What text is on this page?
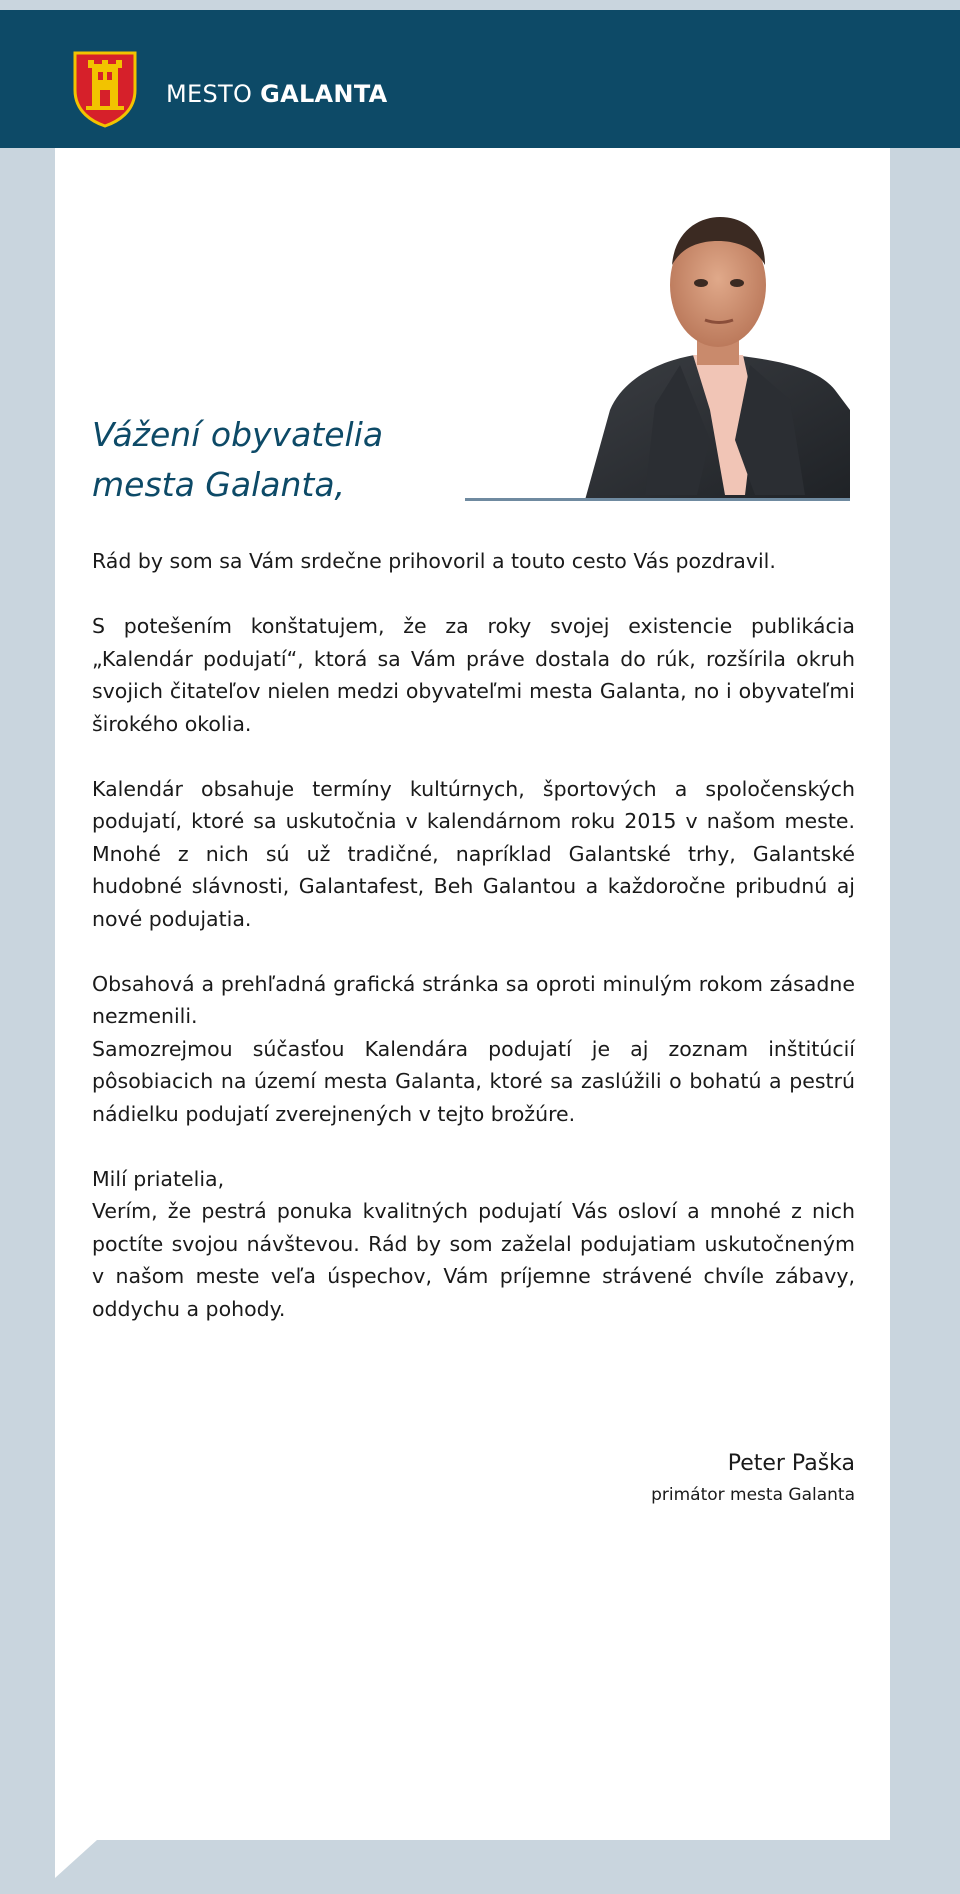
MESTO GALANTA
Vážení obyvatelia
mesta Galanta,

Rád by som sa Vám srdečne prihovoril a touto cesto Vás pozdravil.

S potešením konštatujem, že za roky svojej existencie publikácia „Kalendár podujatí“, ktorá sa Vám práve dostala do rúk, rozšírila okruh svojich čitateľov nielen medzi obyvateľmi mesta Galanta, no i obyvateľmi širokého okolia.

Kalendár obsahuje termíny kultúrnych, športových a spoločenských podujatí, ktoré sa uskutočnia v kalendárnom roku 2015 v našom meste. Mnohé z nich sú už tradičné, napríklad Galantské trhy, Galantské hudobné slávnosti, Galantafest, Beh Galantou a každoročne pribudnú aj nové podujatia.

Obsahová a prehľadná grafická stránka sa oproti minulým rokom zásadne nezmenili.

Samozrejmou súčasťou Kalendára podujatí je aj zoznam inštitúcií pôsobiacich na území mesta Galanta, ktoré sa zaslúžili o bohatú a pestrú nádielku podujatí zverejnených v tejto brožúre.

Milí priatelia,

Verím, že pestrá ponuka kvalitných podujatí Vás osloví a mnohé z nich poctíte svojou návštevou. Rád by som zaželal podujatiam uskutočneným v našom meste veľa úspechov, Vám príjemne strávené chvíle zábavy, oddychu a pohody.

Peter Paška
primátor mesta Galanta
